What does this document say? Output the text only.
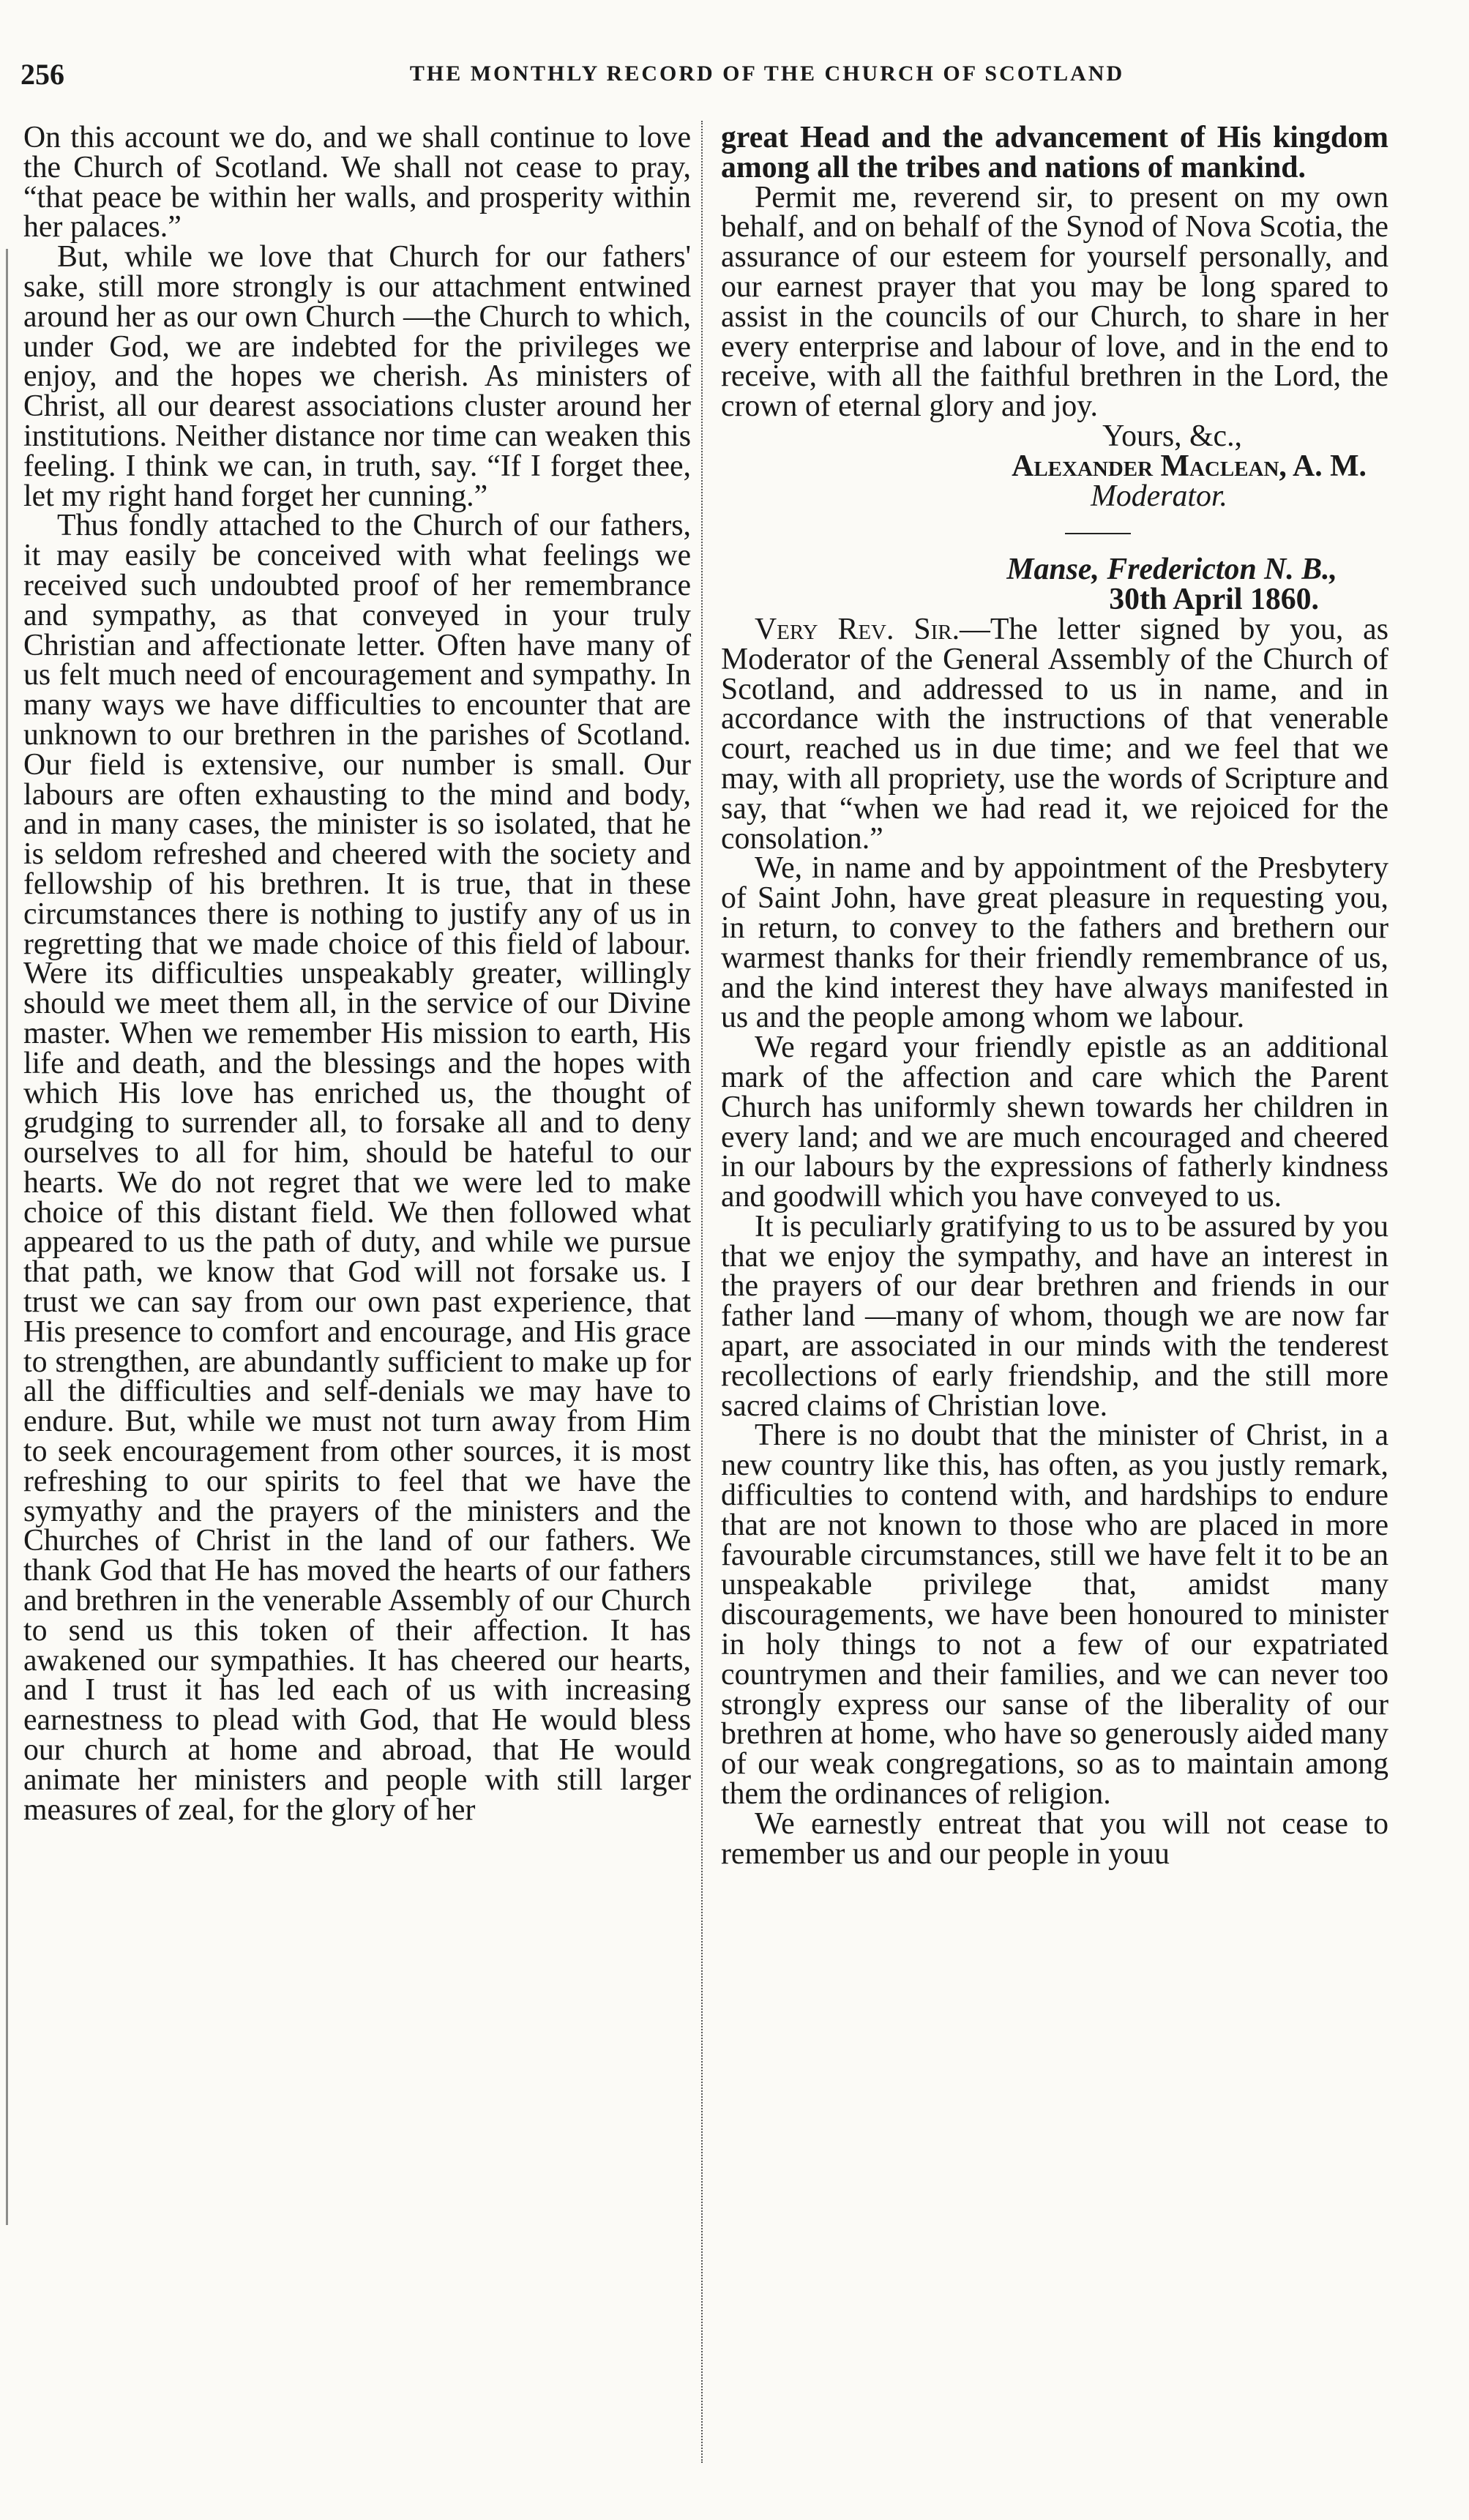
256	THE MONTHLY RECORD OF THE CHURCH OF SCOTLAND

On this account we do, and we shall continue to love the Church of Scotland. We shall not cease to pray, “that peace be within her walls, and prosperity within her palaces.”

But, while we love that Church for our fathers' sake, still more strongly is our attachment entwined around her as our own Church —the Church to which, under God, we are indebted for the privileges we enjoy, and the hopes we cherish. As ministers of Christ, all our dearest associations cluster around her institutions. Neither distance nor time can weaken this feeling. I think we can, in truth, say. “If I forget thee, let my right hand forget her cunning.”

Thus fondly attached to the Church of our fathers, it may easily be conceived with what feelings we received such undoubted proof of her remembrance and sympathy, as that conveyed in your truly Christian and affectionate letter. Often have many of us felt much need of encouragement and sympathy. In many ways we have difficulties to encounter that are unknown to our brethren in the parishes of Scotland. Our field is extensive, our number is small. Our labours are often exhausting to the mind and body, and in many cases, the minister is so isolated, that he is seldom refreshed and cheered with the society and fellowship of his brethren. It is true, that in these circumstances there is nothing to justify any of us in regretting that we made choice of this field of labour. Were its difficulties unspeakably greater, willingly should we meet them all, in the service of our Divine master. When we remember His mission to earth, His life and death, and the blessings and the hopes with which His love has enriched us, the thought of grudging to surrender all, to forsake all and to deny ourselves to all for him, should be hateful to our hearts. We do not regret that we were led to make choice of this distant field. We then followed what appeared to us the path of duty, and while we pursue that path, we know that God will not forsake us. I trust we can say from our own past experience, that His presence to comfort and encourage, and His grace to strengthen, are abundantly sufficient to make up for all the difficulties and self-denials we may have to endure. But, while we must not turn away from Him to seek encouragement from other sources, it is most refreshing to our spirits to feel that we have the symyathy and the prayers of the ministers and the Churches of Christ in the land of our fathers. We thank God that He has moved the hearts of our fathers and brethren in the venerable Assembly of our Church to send us this token of their affection. It has awakened our sympathies. It has cheered our hearts, and I trust it has led each of us with increasing earnestness to plead with God, that He would bless our church at home and abroad, that He would animate her ministers and people with still larger measures of zeal, for the glory of her

great Head and the advancement of His kingdom among all the tribes and nations of mankind.

Permit me, reverend sir, to present on my own behalf, and on behalf of the Synod of Nova Scotia, the assurance of our esteem for yourself personally, and our earnest prayer that you may be long spared to assist in the councils of our Church, to share in her every enterprise and labour of love, and in the end to receive, with all the faithful brethren in the Lord, the crown of eternal glory and joy.

Yours, &c.,

Alexander Maclean, A. M.

Moderator.

Manse, Fredericton N. B.,

30th April 1860.

Very Rev. Sir.—The letter signed by you, as Moderator of the General Assembly of the Church of Scotland, and addressed to us in name, and in accordance with the instructions of that venerable court, reached us in due time; and we feel that we may, with all propriety, use the words of Scripture and say, that “when we had read it, we rejoiced for the consolation.”

We, in name and by appointment of the Presbytery of Saint John, have great pleasure in requesting you, in return, to convey to the fathers and brethern our warmest thanks for their friendly remembrance of us, and the kind interest they have always manifested in us and the people among whom we labour.

We regard your friendly epistle as an additional mark of the affection and care which the Parent Church has uniformly shewn towards her children in every land; and we are much encouraged and cheered in our labours by the expressions of fatherly kindness and goodwill which you have conveyed to us.

It is peculiarly gratifying to us to be assured by you that we enjoy the sympathy, and have an interest in the prayers of our dear brethren and friends in our father land —many of whom, though we are now far apart, are associated in our minds with the tenderest recollections of early friendship, and the still more sacred claims of Christian love.

There is no doubt that the minister of Christ, in a new country like this, has often, as you justly remark, difficulties to contend with, and hardships to endure that are not known to those who are placed in more favourable circumstances, still we have felt it to be an unspeakable privilege that, amidst many discouragements, we have been honoured to minister in holy things to not a few of our expatriated countrymen and their families, and we can never too strongly express our sanse of the liberality of our brethren at home, who have so generously aided many of our weak congregations, so as to maintain among them the ordinances of religion.

We earnestly entreat that you will not cease to remember us and our people in youu
